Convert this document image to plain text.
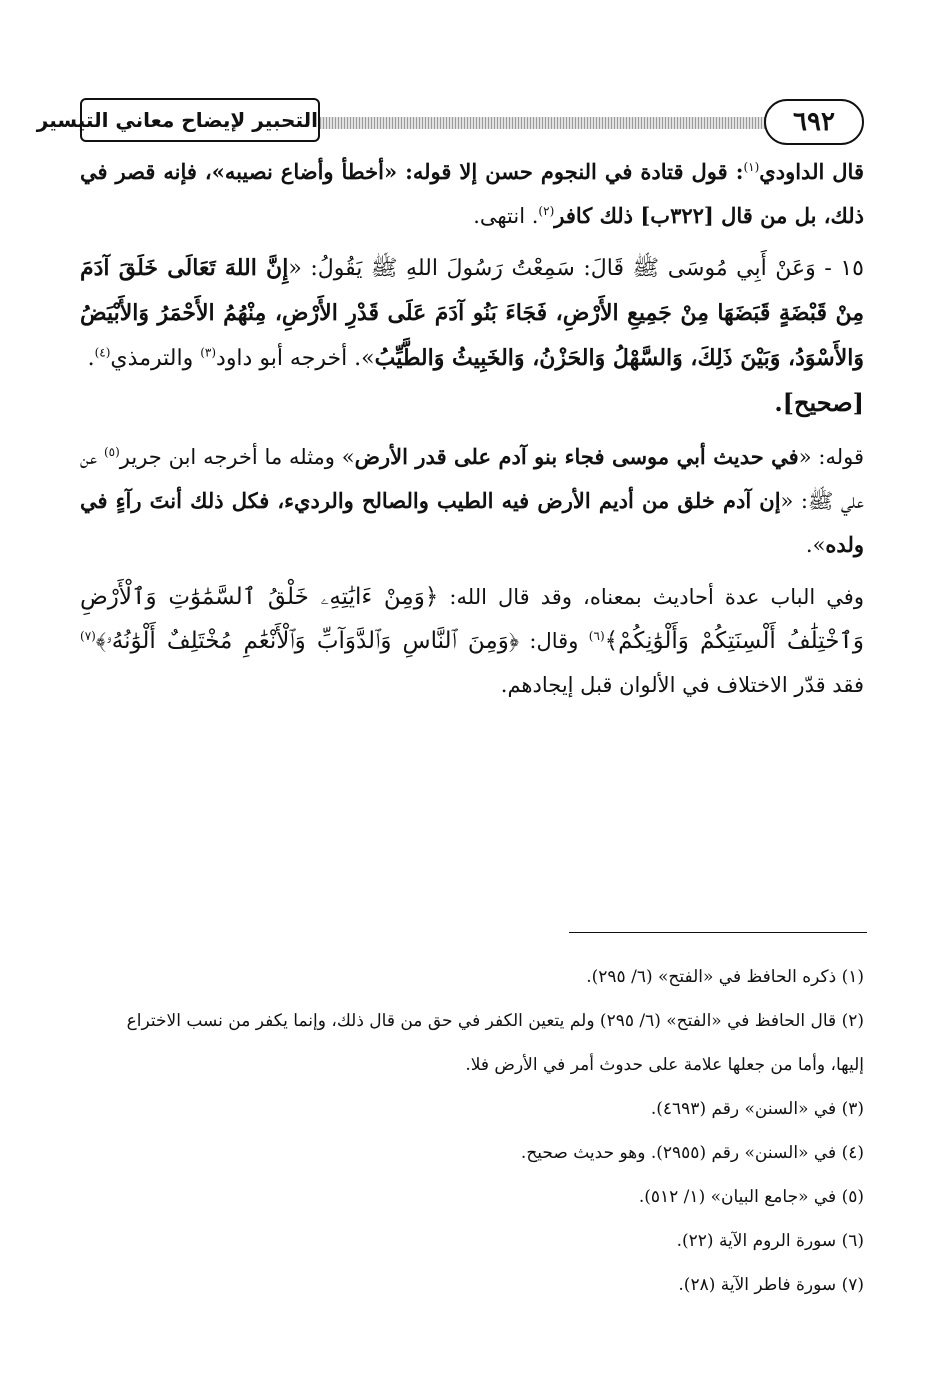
٦٩٢
التحبير لإيضاح معاني التيسير

قال الداودي$^{(١)}$: قول قتادة في النجوم حسن إلا قوله: «أخطأ وأضاع نصيبه»، فإنه قصر في ذلك، بل من قال [٣٢٢ب] ذلك كافر$^{(٢)}$. انتهى.

١٥ - وَعَنْ أَبِي مُوسَى ﷺ قَالَ: سَمِعْتُ رَسُولَ اللهِ ﷺ يَقُولُ: «إِنَّ اللهَ تَعَالَى خَلَقَ آدَمَ مِنْ قَبْضَةٍ قَبَضَهَا مِنْ جَمِيعِ الأَرْضِ، فَجَاءَ بَنُو آدَمَ عَلَى قَدْرِ الأَرْضِ، مِنْهُمُ الأَحْمَرُ وَالأَبْيَضُ وَالأَسْوَدُ، وَبَيْنَ ذَلِكَ، وَالسَّهْلُ وَالحَزْنُ، وَالخَبِيثُ وَالطَّيِّبُ». أخرجه أبو داود$^{(٣)}$ والترمذي$^{(٤)}$.
[صحيح].

قوله: «في حديث أبي موسى فجاء بنو آدم على قدر الأرض» ومثله ما أخرجه ابن جرير$^{(٥)}$ عن علي ﷺ: «إن آدم خلق من أديم الأرض فيه الطيب والصالح والرديء، فكل ذلك أنتَ رآءٍ في ولده».

وفي الباب عدة أحاديث بمعناه، وقد قال الله: ﴿وَمِنْ ءَايَٰتِهِۦ خَلْقُ ٱلسَّمَٰوَٰتِ وَٱلْأَرْضِ وَٱخْتِلَٰفُ أَلْسِنَتِكُمْ وَأَلْوَٰنِكُمْ﴾$^{(٦)}$ وقال: ﴿وَمِنَ ٱلنَّاسِ وَٱلدَّوَآبِّ وَٱلْأَنْعَٰمِ مُخْتَلِفٌ أَلْوَٰنُهُۥ﴾$^{(٧)}$ فقد قدّر الاختلاف في الألوان قبل إيجادهم.

(١) ذكره الحافظ في «الفتح» (٦/ ٢٩٥).

(٢) قال الحافظ في «الفتح» (٦/ ٢٩٥) ولم يتعين الكفر في حق من قال ذلك، وإنما يكفر من نسب الاختراع
إليها، وأما من جعلها علامة على حدوث أمر في الأرض فلا.

(٣) في «السنن» رقم (٤٦٩٣).

(٤) في «السنن» رقم (٢٩٥٥). وهو حديث صحيح.

(٥) في «جامع البيان» (١/ ٥١٢).

(٦) سورة الروم الآية (٢٢).

(٧) سورة فاطر الآية (٢٨).
